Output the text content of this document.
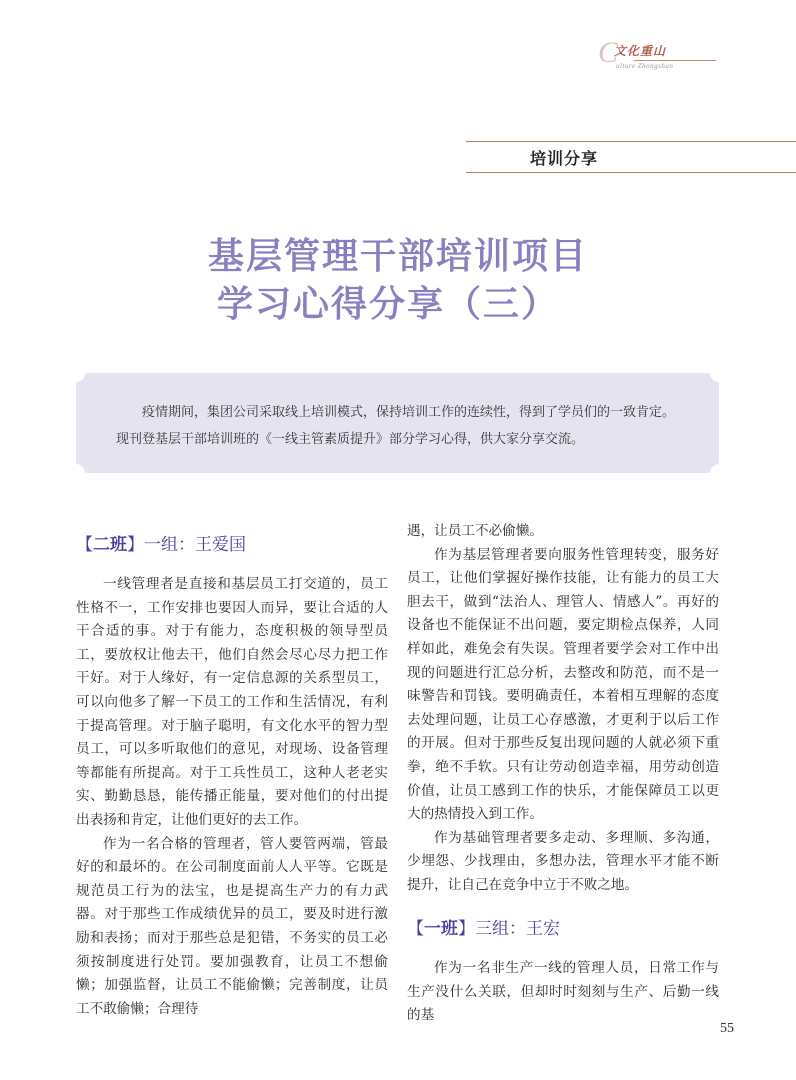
C
文化重山
ulture Zhongshan
培训分享
基层管理干部培训项目
学习心得分享（三）

疫情期间，集团公司采取线上培训模式，保持培训工作的连续性，得到了学员们的一致肯定。

现刊登基层干部培训班的《一线主管素质提升》部分学习心得，供大家分享交流。

【二班】一组：王爱国

一线管理者是直接和基层员工打交道的，员工性格不一，工作安排也要因人而异，要让合适的人干合适的事。对于有能力，态度积极的领导型员工，要放权让他去干，他们自然会尽心尽力把工作干好。对于人缘好，有一定信息源的关系型员工，可以向他多了解一下员工的工作和生活情况，有利于提高管理。对于脑子聪明，有文化水平的智力型员工，可以多听取他们的意见，对现场、设备管理等都能有所提高。对于工兵性员工，这种人老老实实、勤勤恳恳，能传播正能量，要对他们的付出提出表扬和肯定，让他们更好的去工作。

作为一名合格的管理者，管人要管两端，管最好的和最坏的。在公司制度面前人人平等。它既是规范员工行为的法宝，也是提高生产力的有力武器。对于那些工作成绩优异的员工，要及时进行激励和表扬；而对于那些总是犯错，不务实的员工必须按制度进行处罚。要加强教育，让员工不想偷懒；加强监督，让员工不能偷懒；完善制度，让员工不敢偷懒；合理待

遇，让员工不必偷懒。

作为基层管理者要向服务性管理转变，服务好员工，让他们掌握好操作技能，让有能力的员工大胆去干，做到“法治人、理管人、情感人”。再好的设备也不能保证不出问题，要定期检点保养，人同样如此，难免会有失误。管理者要学会对工作中出现的问题进行汇总分析，去整改和防范，而不是一味警告和罚钱。要明确责任，本着相互理解的态度去处理问题，让员工心存感激，才更利于以后工作的开展。但对于那些反复出现问题的人就必须下重拳，绝不手软。只有让劳动创造幸福，用劳动创造价值，让员工感到工作的快乐，才能保障员工以更大的热情投入到工作。

作为基础管理者要多走动、多理顺、多沟通，少埋怨、少找理由，多想办法，管理水平才能不断提升，让自己在竞争中立于不败之地。

【一班】三组：王宏

作为一名非生产一线的管理人员，日常工作与生产没什么关联，但却时时刻刻与生产、后勤一线的基

55
